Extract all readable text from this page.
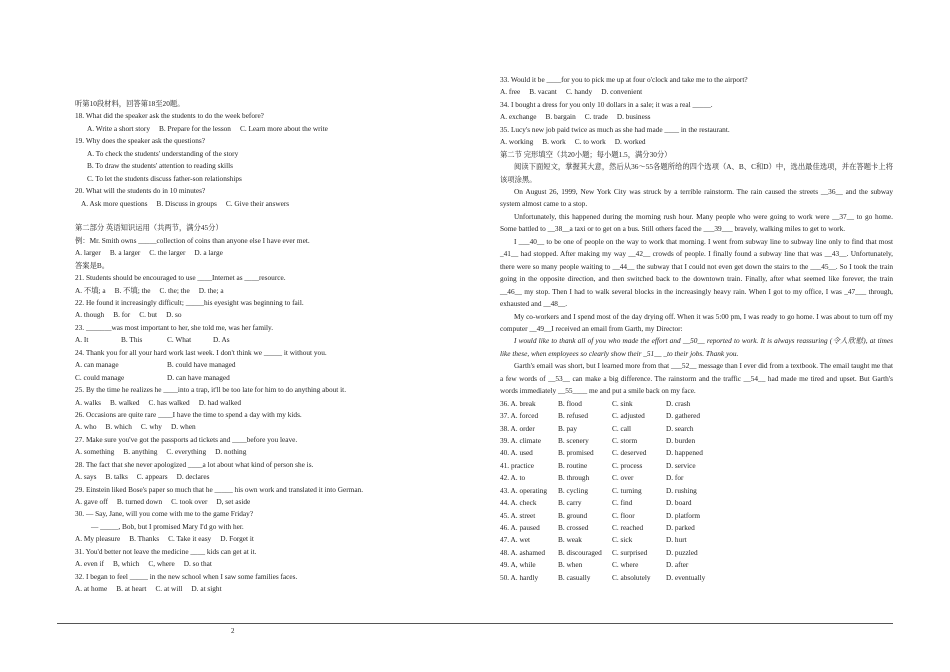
听第10段材料，回答第18至20题。
18. What did the speaker ask the students to do the week before?
A. Write a short story B. Prepare for the lesson C. Learn more about the write
19. Why does the speaker ask the questions?
A. To check the students' understanding of the story
B. To draw the students' attention to reading skills
C. To let the students discuss father-son relationships
20. What will the students do in 10 minutes?
A. Ask more questions B. Discuss in groups C. Give their answers
第二部分 英语知识运用（共两节，满分45分）
例：Mr. Smith owns _____collection of coins than anyone else I have ever met.
A. larger B. a larger C. the larger D. a large
答案是B。
21. Students should be encouraged to use ____Internet as ____resource.
A. 不填; a B. 不填; the C. the; the D. the; a
22. He found it increasingly difficult; _____his eyesight was beginning to fail.
A. though B. for C. but D. so
23. _______was most important to her, she told me, was her family.
A. It	B. This	C. What	D. As
24. Thank you for all your hard work last week. I don't think we _____ it without you.
A. can manage	B. could have managed
C. could manage	D. can have managed
25. By the time he realizes he ____into a trap, it'll be too late for him to do anything about it.
A. walks B. walked C. has walked D. had walked
26. Occasions are quite rare ____I have the time to spend a day with my kids.
A. who B. which C. why D. when
27. Make sure you've got the passports ad tickets and ____before you leave.
A. something B. anything C. everything D. nothing
28. The fact that she never apologized ____a lot about what kind of person she is.
A. says B. talks C. appears D. declares
29. Einstein liked Bose's paper so much that he _____ his own work and translated it into German.
A. gave off B. turned down C. took over D, set aside
30. — Say, Jane, will you come with me to the game Friday?
— _____, Bob, but I promised Mary I'd go with her.
A. My pleasure B. Thanks C. Take it easy D. Forget it
31. You'd better not leave the medicine ____ kids can get at it.
A. even if B, which C, where D. so that
32. I began to feel _____ in the new school when I saw some families faces.
A. at home B. at heart C. at will D. at sight
33. Would it be ____for you to pick me up at four o'clock and take me to the airport?
A. free B. vacant C. handy D. convenient
34. I bought a dress for you only 10 dollars in a sale; it was a real _____.
A. exchange B. bargain C. trade D. business
35. Lucy's new job paid twice as much as she had made ____ in the restaurant.
A. working B. work C. to work D. worked
第二节 完形填空（共20小题；每小题1.5，满分30分）
阅读下面短文，掌握其大意，然后从36～55各题所给的四个选项（A、B、C和D）中，选出最佳选项，并在答题卡上将该项涂黑。
On August 26, 1999, New York City was struck by a terrible rainstorm. The rain caused the streets __36__ and the subway system almost came to a stop.
Unfortunately, this happened during the morning rush hour. Many people who were going to work were __37__ to go home. Some battled to __38__a taxi or to get on a bus. Still others faced the ___39___ bravely, walking miles to get to work.
I ___40__ to be one of people on the way to work that morning. I went from subway line to subway line only to find that most _41__ had stopped. After making my way __42__ crowds of people. I finally found a subway line that was __43__. Unfortunately, there were so many people waiting to __44__ the subway that I could not even get down the stairs to the ___45__. So I took the train going in the opposite direction, and then switched back to the downtown train. Finally, after what seemed like forever, the train __46__ my stop. Then I had to walk several blocks in the increasingly heavy rain. When I got to my office, I was _47___ through, exhausted and __48__.
My co-workers and I spend most of the day drying off. When it was 5:00 pm, I was ready to go home. I was about to turn off my computer __49__I received an email from Garth, my Director:
I would like to thank all of you who made the effort and __50__ reported to work. It is always reassuring (令人欣慰), at times like these, when employees so clearly show their _51__ _to their jobs. Thank you.
Garth's email was short, but I learned more from that ___52__ message than I ever did from a textbook. The email taught me that a few words of __53__ can make a big difference. The rainstorm and the traffic __54__ had made me tired and upset. But Garth's words immediately __55____ me and put a smile back on my face.
36. A. break	B. flood	C. sink	D. crash
37. A. forced	B. refused	C. adjusted	D. gathered
38. A. order	B. pay	C. call	D. search
39. A. climate B. scenery	C. storm	D. burden
40. A. used	B. promised	C. deserved	D. happened
41. practice	B. routine	C. process	D. service
42. A. to	B. through	C. over	D. for
43. A. operating B. cycling	C. turning	D. rushing
44. A. check	B. carry	C. find	D. board
45. A. street	B. ground	C. floor	D. platform
46. A. paused	B. crossed	C. reached	D. parked
47. A. wet	B. weak	C. sick	D. hurt
48. A. ashamed B. discouraged C. surprised	D. puzzled
49. A, while	B. when	C. where	D. after
50. A. hardly	B. casually	C. absolutely D. eventually
2
